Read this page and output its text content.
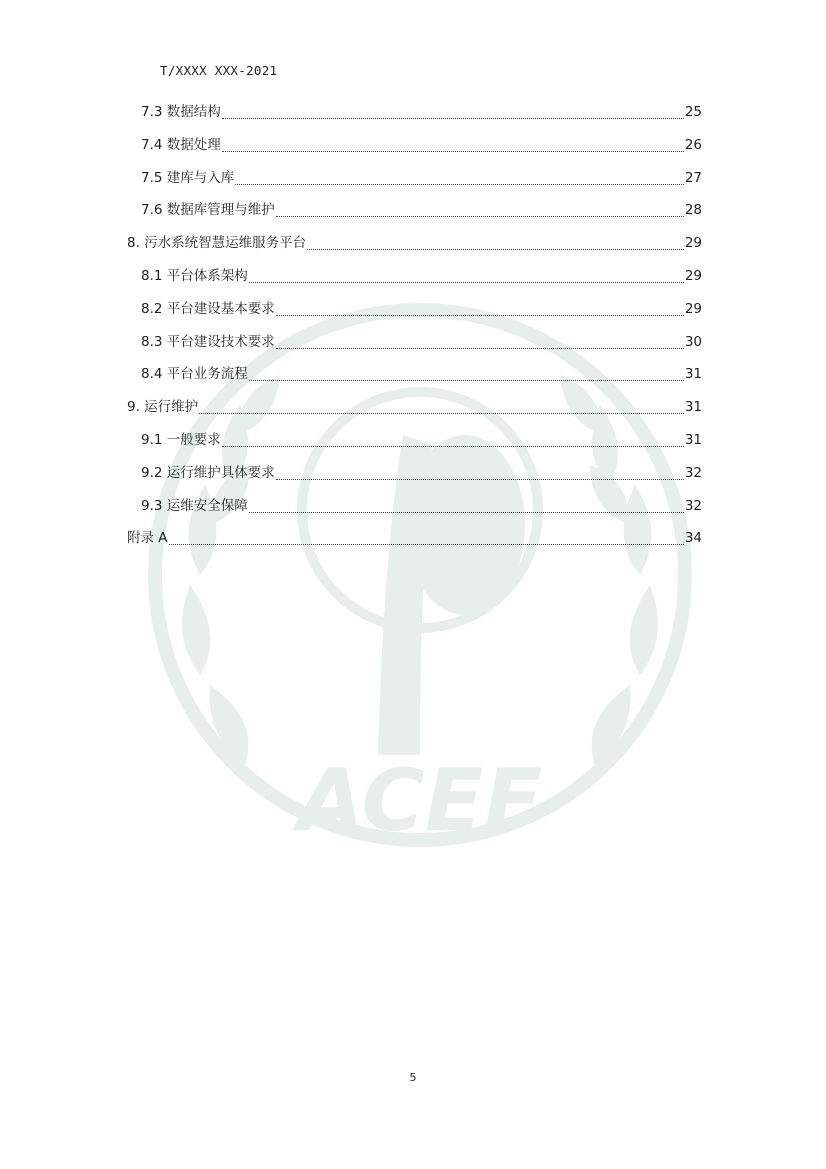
ACEF
T/XXXX XXX-2021
7.3 数据结构	25
7.4 数据处理	26
7.5 建库与入库	27
7.6 数据库管理与维护	28
8. 污水系统智慧运维服务平台	29
8.1 平台体系架构	29
8.2 平台建设基本要求	29
8.3 平台建设技术要求	30
8.4 平台业务流程	31
9. 运行维护	31
9.1 一般要求	31
9.2 运行维护具体要求	32
9.3 运维安全保障	32
附录 A	34
5
